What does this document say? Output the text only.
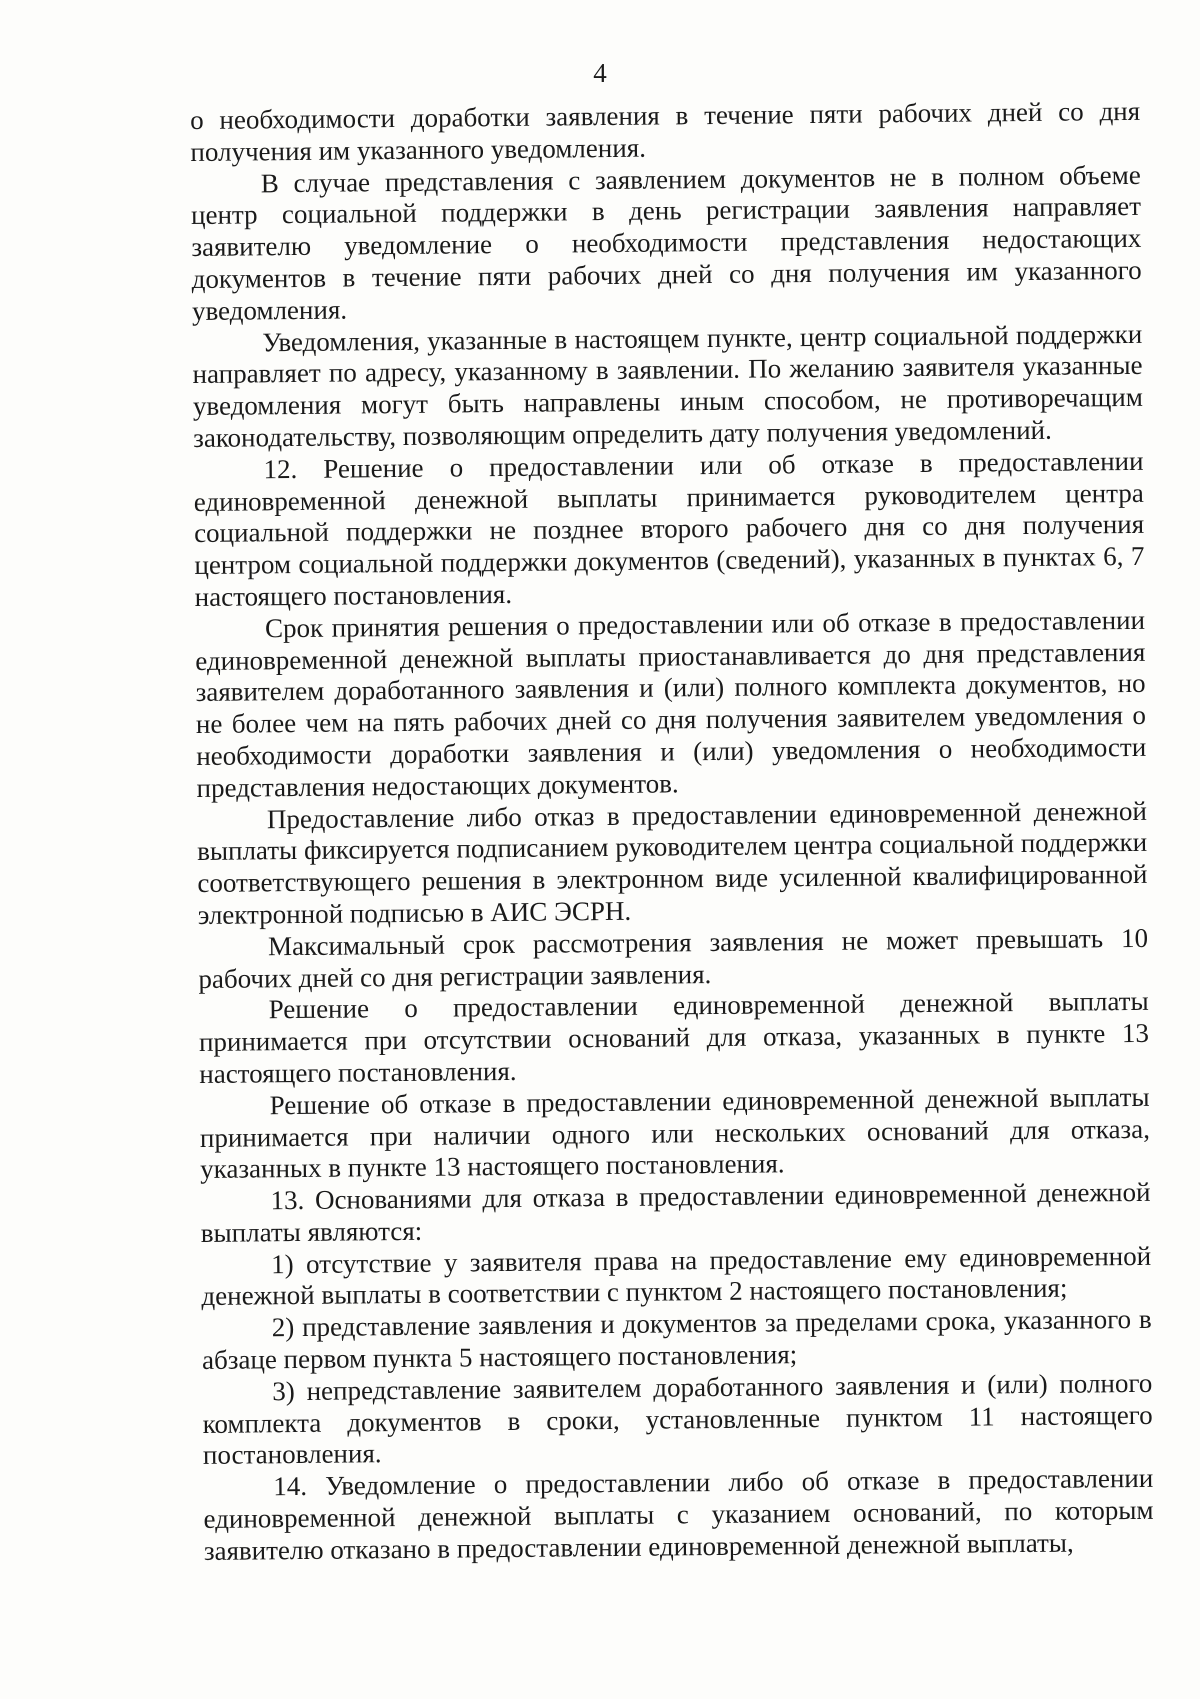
4

о необходимости доработки заявления в течение пяти рабочих дней со дня получения им указанного уведомления.

В случае представления с заявлением документов не в полном объеме центр социальной поддержки в день регистрации заявления направляет заявителю уведомление о необходимости представления недостающих документов в течение пяти рабочих дней со дня получения им указанного уведомления.

Уведомления, указанные в настоящем пункте, центр социальной поддержки направляет по адресу, указанному в заявлении. По желанию заявителя указанные уведомления могут быть направлены иным способом, не противоречащим законодательству, позволяющим определить дату получения уведомлений.

12. Решение о предоставлении или об отказе в предоставлении единовременной денежной выплаты принимается руководителем центра социальной поддержки не позднее второго рабочего дня со дня получения центром социальной поддержки документов (сведений), указанных в пунктах 6, 7 настоящего постановления.

Срок принятия решения о предоставлении или об отказе в предоставлении единовременной денежной выплаты приостанавливается до дня представления заявителем доработанного заявления и (или) полного комплекта документов, но не более чем на пять рабочих дней со дня получения заявителем уведомления о необходимости доработки заявления и (или) уведомления о необходимости представления недостающих документов.

Предоставление либо отказ в предоставлении единовременной денежной выплаты фиксируется подписанием руководителем центра социальной поддержки соответствующего решения в электронном виде усиленной квалифицированной электронной подписью в АИС ЭСРН.

Максимальный срок рассмотрения заявления не может превышать 10 рабочих дней со дня регистрации заявления.

Решение о предоставлении единовременной денежной выплаты принимается при отсутствии оснований для отказа, указанных в пункте 13 настоящего постановления.

Решение об отказе в предоставлении единовременной денежной выплаты принимается при наличии одного или нескольких оснований для отказа, указанных в пункте 13 настоящего постановления.

13. Основаниями для отказа в предоставлении единовременной денежной выплаты являются:

1) отсутствие у заявителя права на предоставление ему единовременной денежной выплаты в соответствии с пунктом 2 настоящего постановления;

2) представление заявления и документов за пределами срока, указанного в абзаце первом пункта 5 настоящего постановления;

3) непредставление заявителем доработанного заявления и (или) полного комплекта документов в сроки, установленные пунктом 11 настоящего постановления.

14. Уведомление о предоставлении либо об отказе в предоставлении единовременной денежной выплаты с указанием оснований, по которым заявителю отказано в предоставлении единовременной денежной выплаты,
